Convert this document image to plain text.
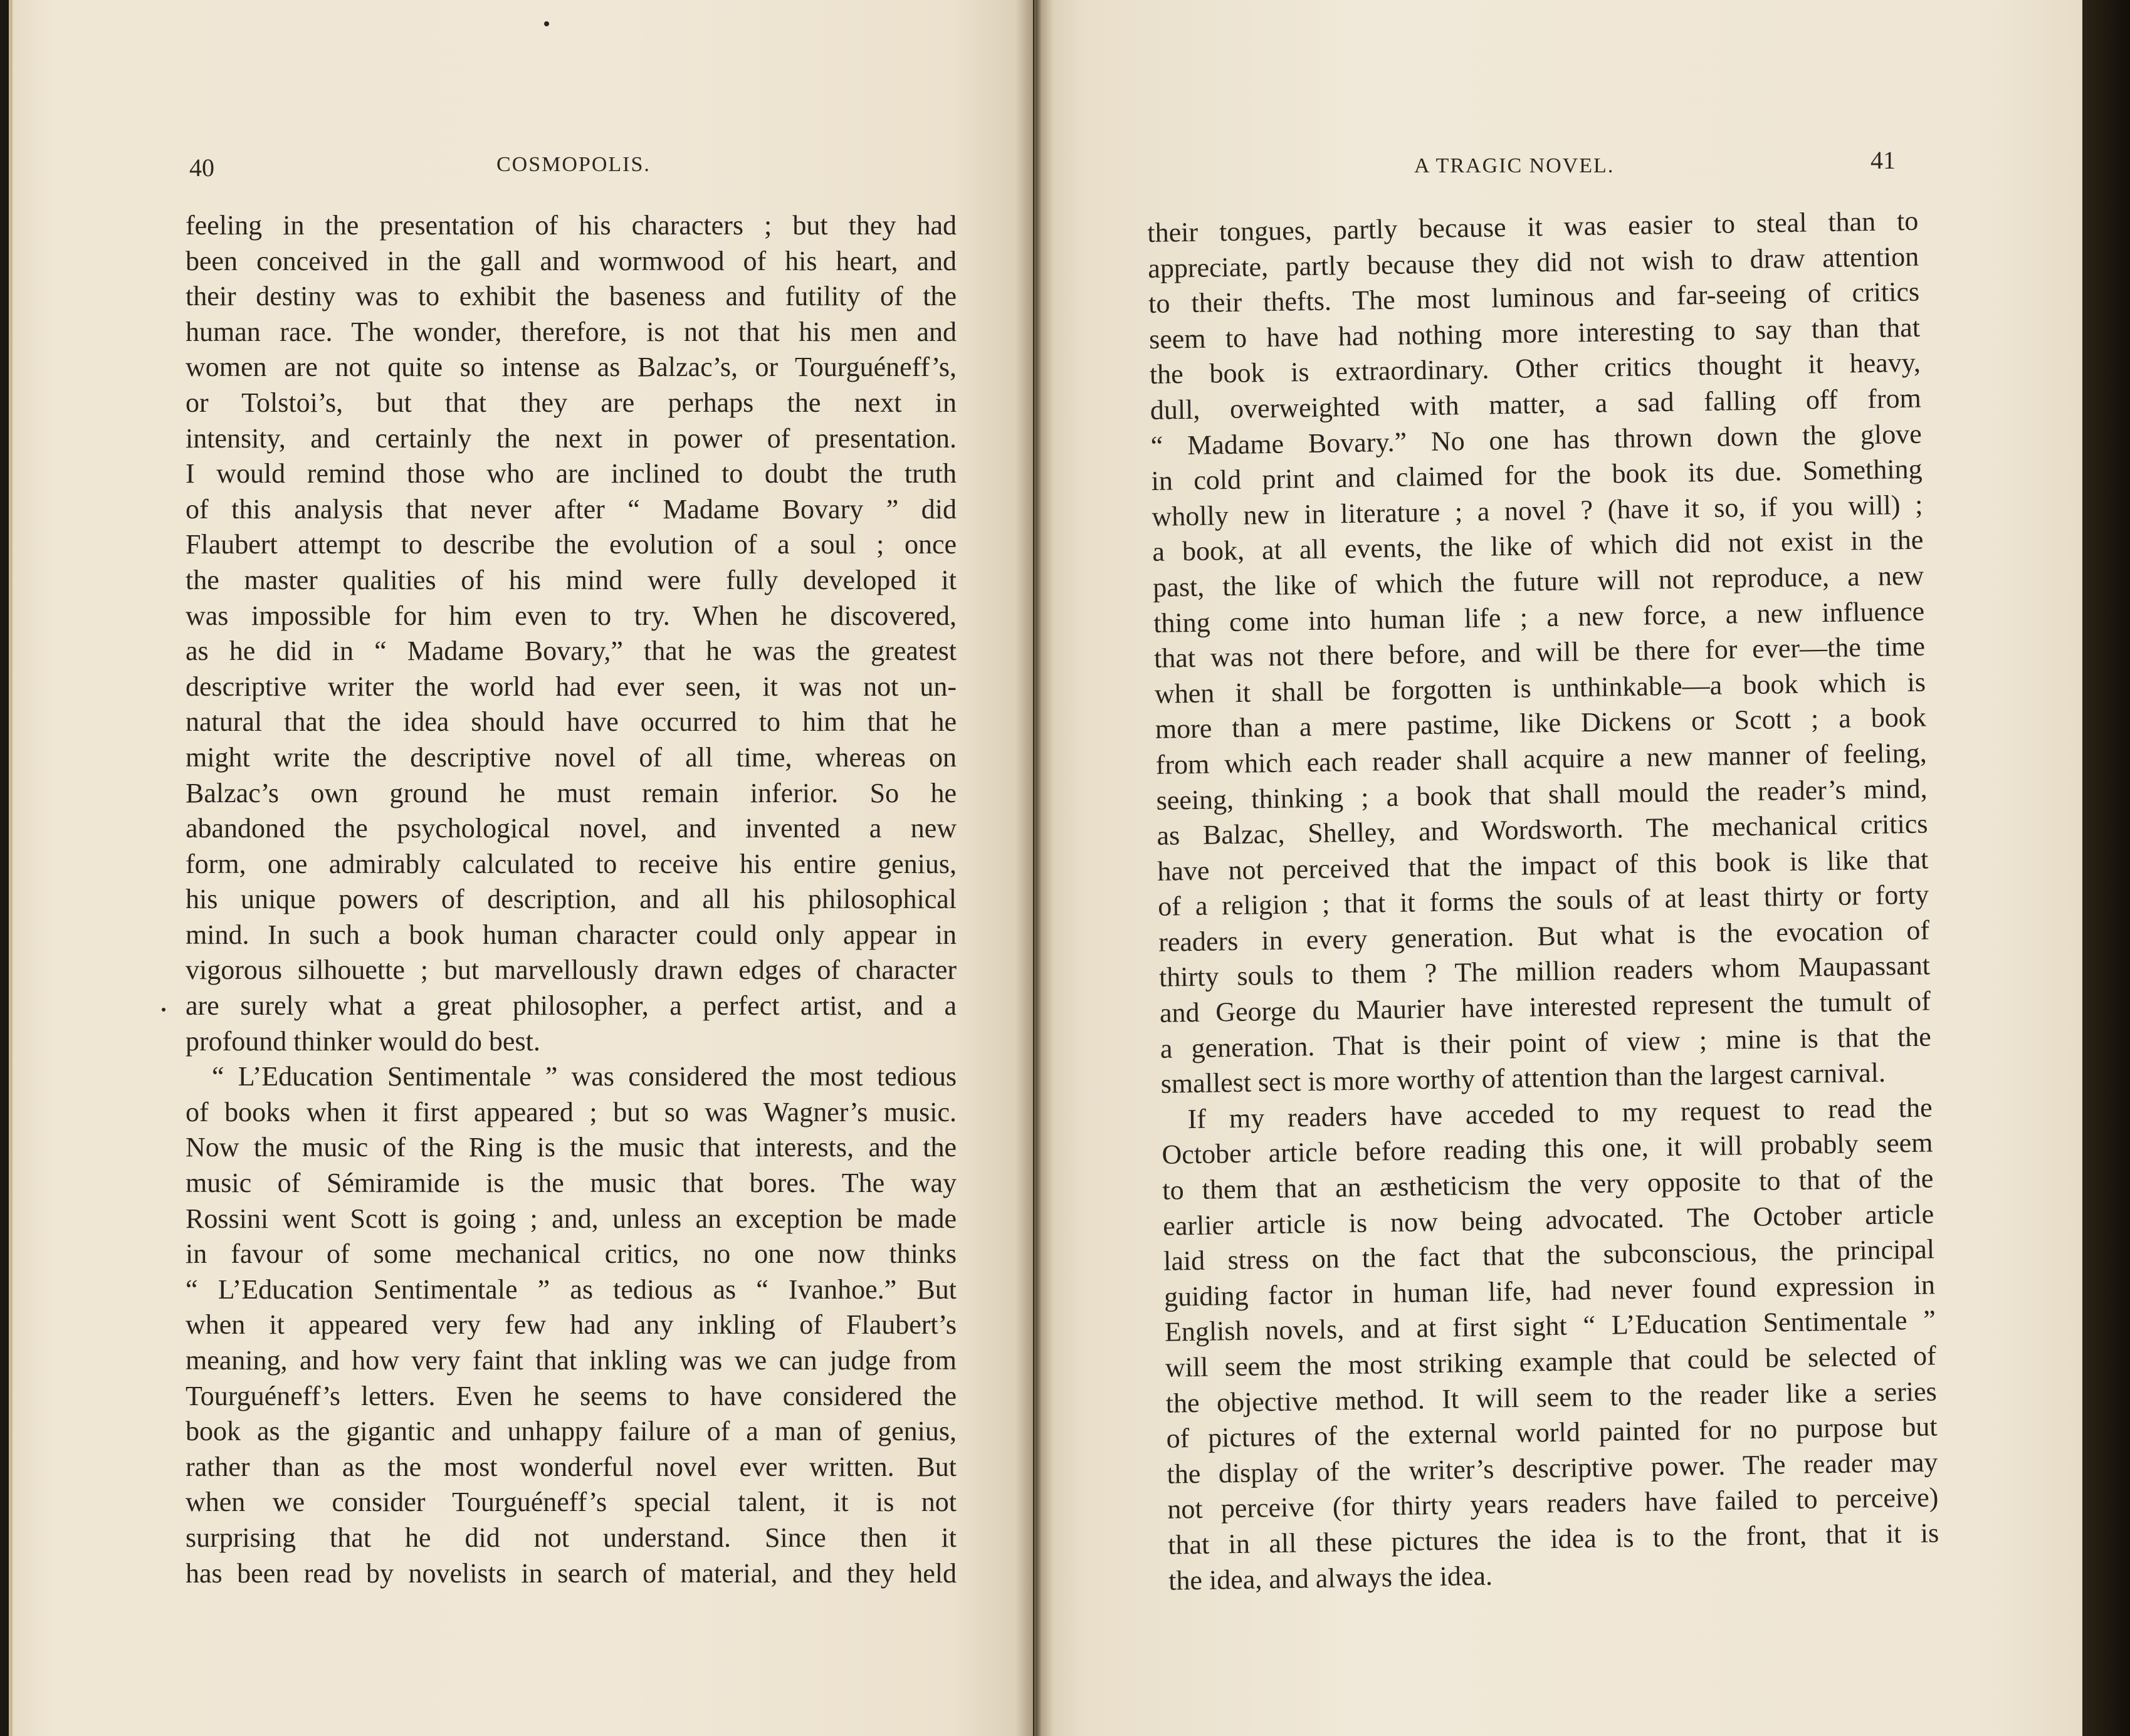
40	COSMOPOLIS.
feeling in the presentation of his characters ; but they had
been conceived in the gall and wormwood of his heart, and
their destiny was to exhibit the baseness and futility of the
human race. The wonder, therefore, is not that his men and
women are not quite so intense as Balzac’s, or Tourguéneff’s,
or Tolstoi’s, but that they are perhaps the next in
intensity, and certainly the next in power of presentation.
I would remind those who are inclined to doubt the truth
of this analysis that never after “ Madame Bovary ” did
Flaubert attempt to describe the evolution of a soul ; once
the master qualities of his mind were fully developed it
was impossible for him even to try. When he discovered,
as he did in “ Madame Bovary,” that he was the greatest
descriptive writer the world had ever seen, it was not un-
natural that the idea should have occurred to him that he
might write the descriptive novel of all time, whereas on
Balzac’s own ground he must remain inferior. So he
abandoned the psychological novel, and invented a new
form, one admirably calculated to receive his entire genius,
his unique powers of description, and all his philosophical
mind. In such a book human character could only appear in
vigorous silhouette ; but marvellously drawn edges of character
are surely what a great philosopher, a perfect artist, and a
profound thinker would do best.
“ L’Education Sentimentale ” was considered the most tedious
of books when it first appeared ; but so was Wagner’s music.
Now the music of the Ring is the music that interests, and the
music of Sémiramide is the music that bores. The way
Rossini went Scott is going ; and, unless an exception be made
in favour of some mechanical critics, no one now thinks
“ L’Education Sentimentale ” as tedious as “ Ivanhoe.” But
when it appeared very few had any inkling of Flaubert’s
meaning, and how very faint that inkling was we can judge from
Tourguéneff’s letters. Even he seems to have considered the
book as the gigantic and unhappy failure of a man of genius,
rather than as the most wonderful novel ever written. But
when we consider Tourguéneff’s special talent, it is not
surprising that he did not understand. Since then it
has been read by novelists in search of material, and they held
A TRAGIC NOVEL.	41
their tongues, partly because it was easier to steal than to
appreciate, partly because they did not wish to draw attention
to their thefts. The most luminous and far-seeing of critics
seem to have had nothing more interesting to say than that
the book is extraordinary. Other critics thought it heavy,
dull, overweighted with matter, a sad falling off from
“ Madame Bovary.” No one has thrown down the glove
in cold print and claimed for the book its due. Something
wholly new in literature ; a novel ? (have it so, if you will) ;
a book, at all events, the like of which did not exist in the
past, the like of which the future will not reproduce, a new
thing come into human life ; a new force, a new influence
that was not there before, and will be there for ever—the time
when it shall be forgotten is unthinkable—a book which is
more than a mere pastime, like Dickens or Scott ; a book
from which each reader shall acquire a new manner of feeling,
seeing, thinking ; a book that shall mould the reader’s mind,
as Balzac, Shelley, and Wordsworth. The mechanical critics
have not perceived that the impact of this book is like that
of a religion ; that it forms the souls of at least thirty or forty
readers in every generation. But what is the evocation of
thirty souls to them ? The million readers whom Maupassant
and George du Maurier have interested represent the tumult of
a generation. That is their point of view ; mine is that the
smallest sect is more worthy of attention than the largest carnival.
If my readers have acceded to my request to read the
October article before reading this one, it will probably seem
to them that an æstheticism the very opposite to that of the
earlier article is now being advocated. The October article
laid stress on the fact that the subconscious, the principal
guiding factor in human life, had never found expression in
English novels, and at first sight “ L’Education Sentimentale ”
will seem the most striking example that could be selected of
the objective method. It will seem to the reader like a series
of pictures of the external world painted for no purpose but
the display of the writer’s descriptive power. The reader may
not perceive (for thirty years readers have failed to perceive)
that in all these pictures the idea is to the front, that it is
the idea, and always the idea.
